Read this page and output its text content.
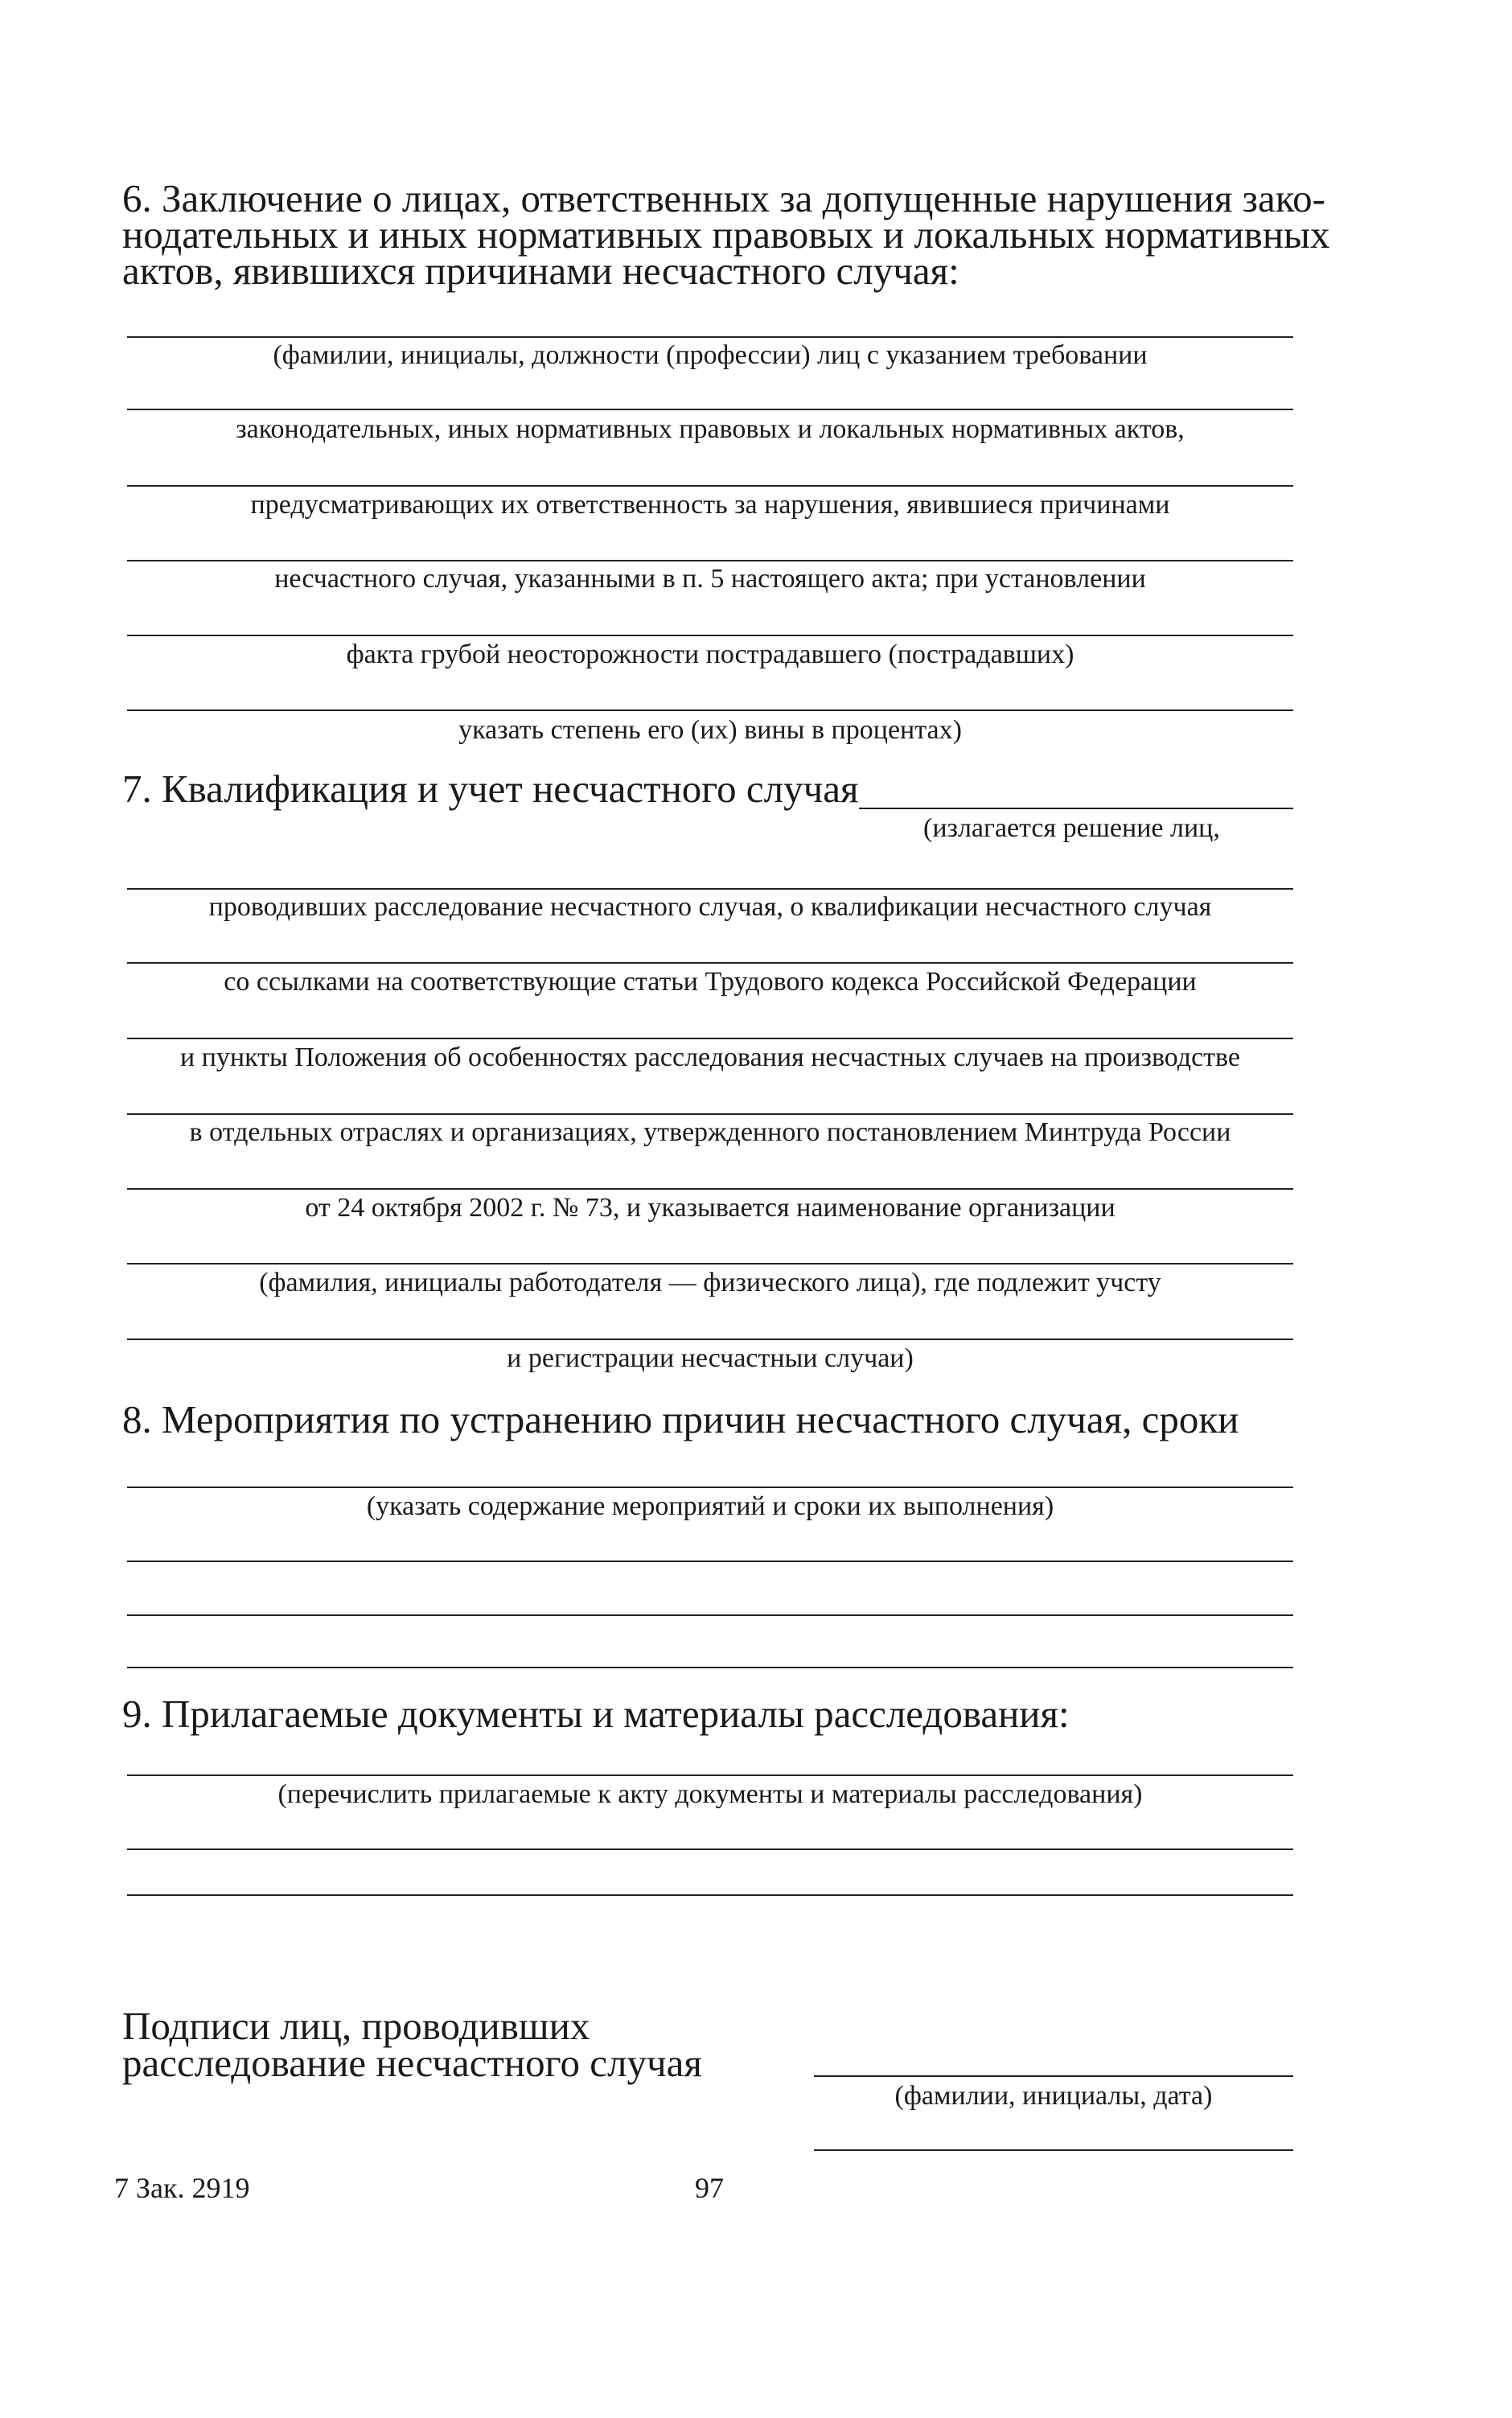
6. Заключение о лицах, ответственных за допущенные нарушения зако-
нодательных и иных нормативных правовых и локальных нормативных
актов, явившихся причинами несчастного случая:
(фамилии, инициалы, должности (профессии) лиц с указанием требовании
законодательных, иных нормативных правовых и локальных нормативных актов,
предусматривающих их ответственность за нарушения, явившиеся причинами
несчастного случая, указанными в п. 5 настоящего акта; при установлении
факта грубой неосторожности пострадавшего (пострадавших)
указать степень его (их) вины в процентах)
7. Квалификация и учет несчастного случая
(излагается решение лиц,
проводивших расследование несчастного случая, о квалификации несчастного случая
со ссылками на соответствующие статьи Трудового кодекса Российской Федерации
и пункты Положения об особенностях расследования несчастных случаев на производстве
в отдельных отраслях и организациях, утвержденного постановлением Минтруда России
от 24 октября 2002 г. № 73, и указывается наименование организации
(фамилия, инициалы работодателя — физического лица), где подлежит учсту
и регистрации несчастныи случаи)
8. Мероприятия по устранению причин несчастного случая, сроки
(указать содержание мероприятий и сроки их выполнения)
9. Прилагаемые документы и материалы расследования:
(перечислить прилагаемые к акту документы и материалы расследования)
Подписи лиц, проводивших
расследование несчастного случая
(фамилии, инициалы, дата)
7 Зак. 2919	97
